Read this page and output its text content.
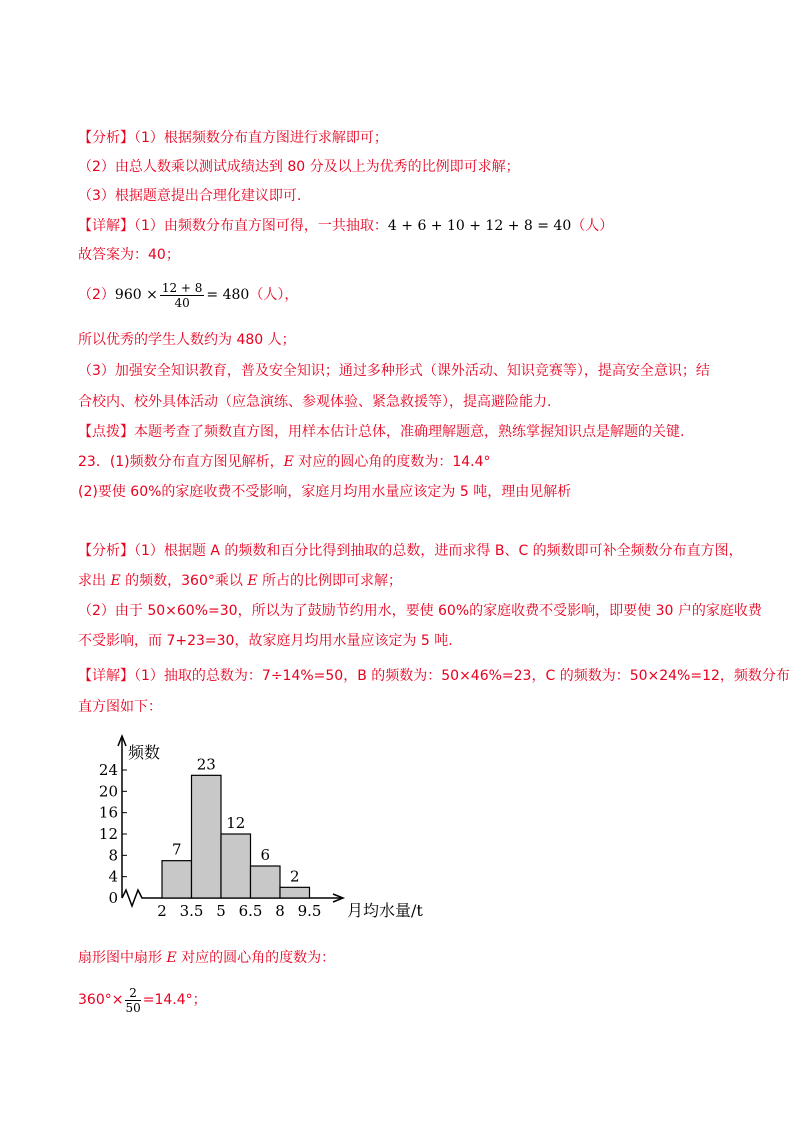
【分析】（1）根据频数分布直方图进行求解即可；
（2）由总人数乘以测试成绩达到 80 分及以上为优秀的比例即可求解；
（3）根据题意提出合理化建议即可.
【详解】（1）由频数分布直方图可得，一共抽取：4 + 6 + 10 + 12 + 8 = 40（人）
故答案为：40；
$(2)960 \times \frac{12 + 8}{40} = 480$（人），
所以优秀的学生人数约为 480 人；
（3）加强安全知识教育，普及安全知识；通过多种形式（课外活动、知识竞赛等），提高安全意识；结
合校内、校外具体活动（应急演练、参观体验、紧急救援等），提高避险能力.
【点拨】本题考查了频数直方图，用样本估计总体，准确理解题意，熟练掌握知识点是解题的关键.
23．(1)频数分布直方图见解析，E 对应的圆心角的度数为：14.4°
(2)要使 60%的家庭收费不受影响，家庭月均用水量应该定为 5 吨，理由见解析
【分析】（1）根据题 A 的频数和百分比得到抽取的总数，进而求得 B、C 的频数即可补全频数分布直方图，
求出 E 的频数，360°乘以 E 所占的比例即可求解；
（2）由于 50×60%=30，所以为了鼓励节约用水，要使 60%的家庭收费不受影响，即要使 30 户的家庭收费
不受影响，而 7+23=30，故家庭月均用水量应该定为 5 吨.
【详解】（1）抽取的总数为：7÷14%=50，B 的频数为：50×46%=23，C 的频数为：50×24%=12，频数分布
直方图如下：
0
4
8
12
16
20
24
频数
7
23
12
6
2
2 3.5 5 6.5 8 9.5 月均水量/t
扇形图中扇形 E 对应的圆心角的度数为：
$360^\circ\times \frac{2}{50} =14.4^\circ$；
